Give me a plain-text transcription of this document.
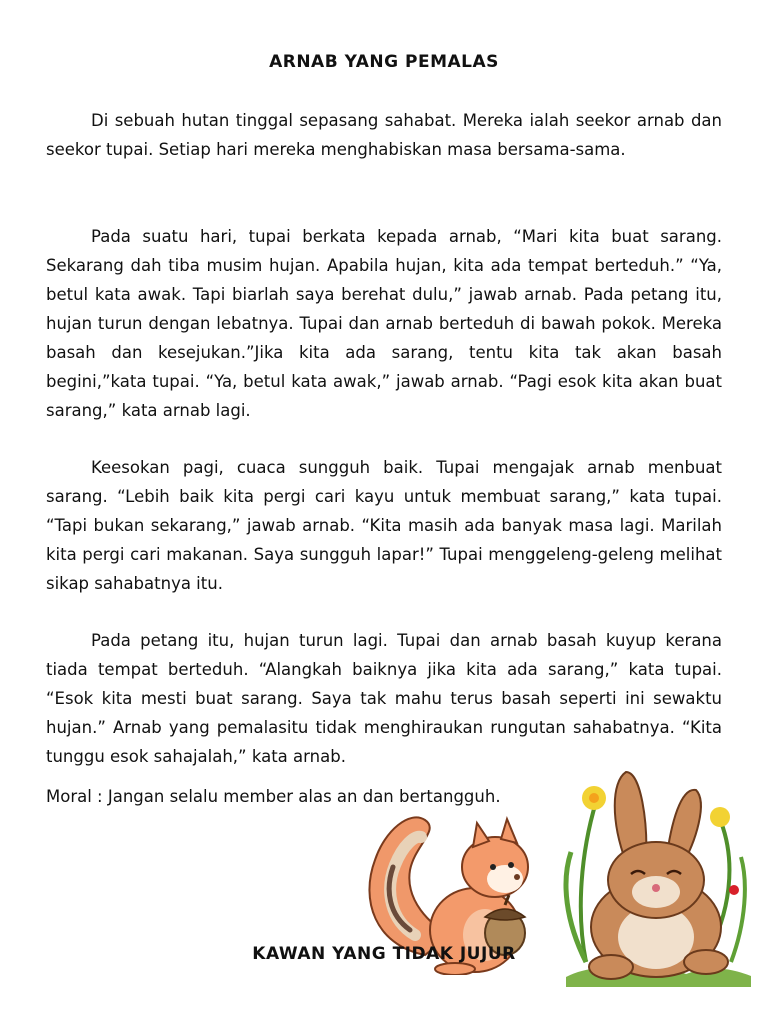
ARNAB YANG PEMALAS

Di sebuah hutan tinggal sepasang sahabat. Mereka ialah seekor arnab dan seekor tupai. Setiap hari mereka menghabiskan masa bersama-sama.

Pada suatu hari, tupai berkata kepada arnab, “Mari kita buat sarang. Sekarang dah tiba musim hujan. Apabila hujan, kita ada tempat berteduh.” “Ya, betul kata awak. Tapi biarlah saya berehat dulu,” jawab arnab. Pada petang itu, hujan turun dengan lebatnya. Tupai dan arnab berteduh di bawah pokok. Mereka basah dan kesejukan.”Jika kita ada sarang, tentu kita tak akan basah begini,”kata tupai. “Ya, betul kata awak,” jawab arnab. “Pagi esok kita akan buat sarang,” kata arnab lagi.

Keesokan pagi, cuaca sungguh baik. Tupai mengajak arnab menbuat sarang. “Lebih baik kita pergi cari kayu untuk membuat sarang,” kata tupai. “Tapi bukan sekarang,” jawab arnab. “Kita masih ada banyak masa lagi. Marilah kita pergi cari makanan. Saya sungguh lapar!” Tupai menggeleng-geleng melihat sikap sahabatnya itu.

Pada petang itu, hujan turun lagi. Tupai dan arnab basah kuyup kerana tiada tempat berteduh. “Alangkah baiknya jika kita ada sarang,” kata tupai. “Esok kita mesti buat sarang. Saya tak mahu terus basah seperti ini sewaktu hujan.” Arnab yang pemalasitu tidak menghiraukan rungutan sahabatnya. “Kita tunggu esok sahajalah,” kata arnab.

Moral : Jangan selalu member alas an dan bertangguh.

KAWAN YANG TIDAK JUJUR
